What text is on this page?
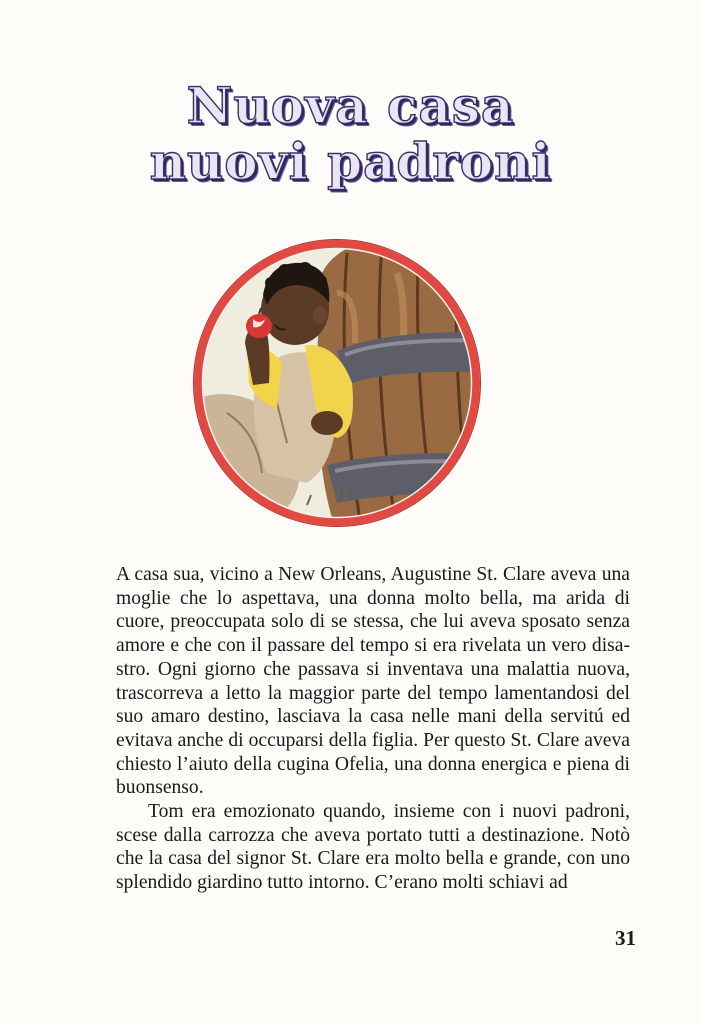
Nuova casa
nuovi padroni

A casa sua, vicino a New Orleans, Augustine St. Clare aveva una moglie che lo aspettava, una donna molto bella, ma arida di cuore, preoccupata solo di se stessa, che lui aveva sposato senza amore e che con il passare del tempo si era rivelata un vero disastro. Ogni giorno che passava si inventava una malattia nuova, trascorreva a letto la maggior parte del tempo lamentandosi del suo amaro destino, lasciava la casa nelle mani della servitú ed evitava anche di occuparsi della figlia. Per questo St. Clare aveva chiesto l’aiuto della cugina Ofelia, una donna energica e piena di buonsenso.

Tom era emozionato quando, insieme con i nuovi padroni, scese dalla carrozza che aveva portato tutti a destinazione. Notò che la casa del signor St. Clare era molto bella e grande, con uno splendido giardino tutto intorno. C’erano molti schiavi ad

31
